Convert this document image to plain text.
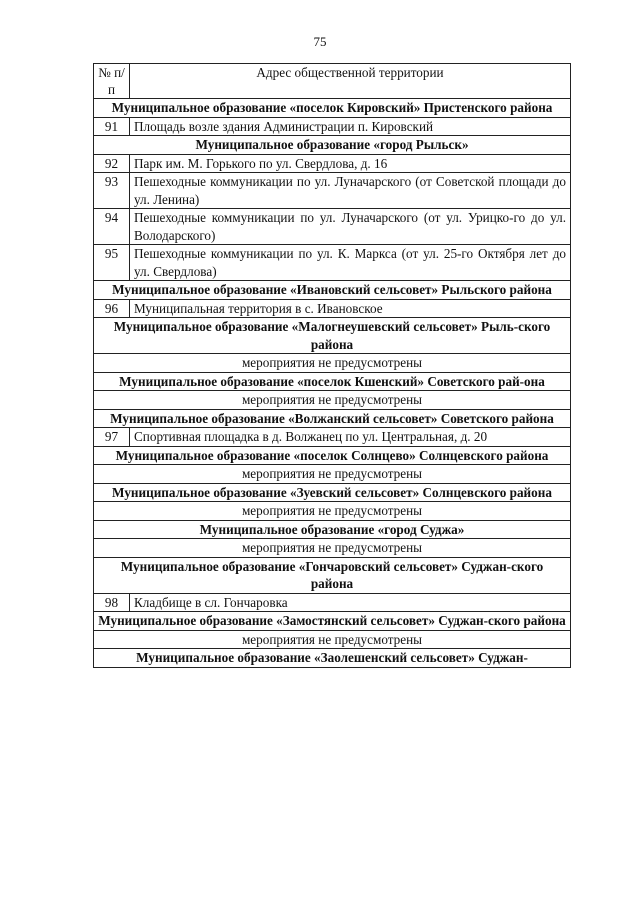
75
№ п/п	Адрес общественной территории
Муниципальное образование «поселок Кировский» Пристенского района	
91	Площадь возле здания Администрации п. Кировский
Муниципальное образование «город Рыльск»	
92	Парк им. М. Горького по ул. Свердлова, д. 16
93	Пешеходные коммуникации по ул. Луначарского (от Советской площади до ул. Ленина)
94	Пешеходные коммуникации по ул. Луначарского (от ул. Урицко-го до ул. Володарского)
95	Пешеходные коммуникации по ул. К. Маркса (от ул. 25-го Октября лет до ул. Свердлова)
Муниципальное образование «Ивановский сельсовет» Рыльского района	
96	Муниципальная территория в с. Ивановское
Муниципальное образование «Малогнеушевский сельсовет» Рыль-ского района	
мероприятия не предусмотрены	
Муниципальное образование «поселок Кшенский» Советского рай-она	
мероприятия не предусмотрены	
Муниципальное образование «Волжанский сельсовет» Советского района	
97	Спортивная площадка в д. Волжанец по ул. Центральная, д. 20
Муниципальное образование «поселок Солнцево» Солнцевского района	
мероприятия не предусмотрены	
Муниципальное образование «Зуевский сельсовет» Солнцевского района	
мероприятия не предусмотрены	
Муниципальное образование «город Суджа»	
мероприятия не предусмотрены	
Муниципальное образование «Гончаровский сельсовет» Суджан-ского района	
98	Кладбище в сл. Гончаровка
Муниципальное образование «Замостянский сельсовет» Суджан-ского района	
мероприятия не предусмотрены	
Муниципальное образование «Заолешенский сельсовет» Суджан-	
